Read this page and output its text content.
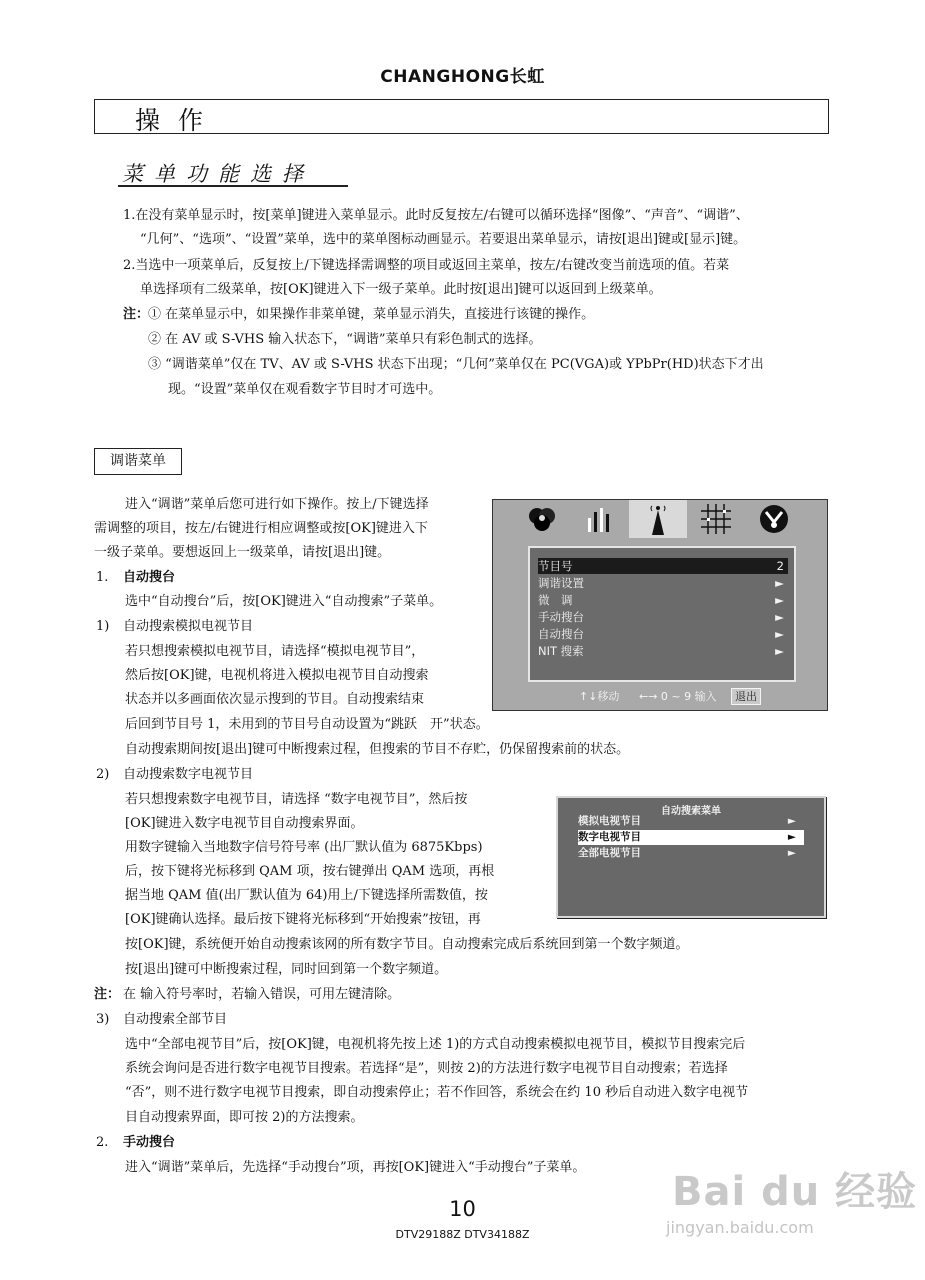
CHANGHONG长虹
操作
菜单功能选择
1.在没有菜单显示时，按[菜单]键进入菜单显示。此时反复按左/右键可以循环选择“图像”、“声音”、“调谐”、
“几何”、“选项”、“设置”菜单，选中的菜单图标动画显示。若要退出菜单显示，请按[退出]键或[显示]键。
2.当选中一项菜单后，反复按上/下键选择需调整的项目或返回主菜单，按左/右键改变当前选项的值。若菜
单选择项有二级菜单，按[OK]键进入下一级子菜单。此时按[退出]键可以返回到上级菜单。
注：
① 在菜单显示中，如果操作非菜单键，菜单显示消失，直接进行该键的操作。
② 在 AV 或 S-VHS 输入状态下，“调谐”菜单只有彩色制式的选择。
③ “调谐菜单”仅在 TV、AV 或 S-VHS 状态下出现；“几何”菜单仅在 PC(VGA)或 YPbPr(HD)状态下才出
现。“设置”菜单仅在观看数字节目时才可选中。
调谐菜单
进入“调谐”菜单后您可进行如下操作。按上/下键选择
需调整的项目，按左/右键进行相应调整或按[OK]键进入下
一级子菜单。要想返回上一级菜单，请按[退出]键。
1. 自动搜台
选中“自动搜台”后，按[OK]键进入“自动搜索”子菜单。
1) 自动搜索模拟电视节目
若只想搜索模拟电视节目，请选择“模拟电视节目”，
然后按[OK]键，电视机将进入模拟电视节目自动搜索
状态并以多画面依次显示搜到的节目。自动搜索结束
后回到节目号 1，未用到的节目号自动设置为“跳跃　开”状态。
自动搜索期间按[退出]键可中断搜索过程，但搜索的节目不存贮，仍保留搜索前的状态。
2) 自动搜索数字电视节目
若只想搜索数字电视节目，请选择 “数字电视节目”，然后按
[OK]键进入数字电视节目自动搜索界面。
用数字键输入当地数字信号符号率 (出厂默认值为 6875Kbps)
后，按下键将光标移到 QAM 项，按右键弹出 QAM 选项，再根
据当地 QAM 值(出厂默认值为 64)用上/下键选择所需数值，按
[OK]键确认选择。最后按下键将光标移到“开始搜索”按钮，再
按[OK]键，系统便开始自动搜索该网的所有数字节目。自动搜索完成后系统回到第一个数字频道。
按[退出]键可中断搜索过程，同时回到第一个数字频道。
注： 在 输入符号率时，若输入错误，可用左键清除。
3) 自动搜索全部节目
选中“全部电视节目”后，按[OK]键，电视机将先按上述 1)的方式自动搜索模拟电视节目，模拟节目搜索完后
系统会询问是否进行数字电视节目搜索。若选择“是”，则按 2)的方法进行数字电视节目自动搜索；若选择
“否”，则不进行数字电视节目搜索，即自动搜索停止；若不作回答，系统会在约 10 秒后自动进入数字电视节
目自动搜索界面，即可按 2)的方法搜索。
2. 手动搜台
进入“调谐”菜单后，先选择“手动搜台”项，再按[OK]键进入“手动搜台”子菜单。
节目号	2
调谐设置	►
微　调	►
手动搜台	►
自动搜台	►
NIT 搜索	►
↑↓移动 ←→ 0 ~ 9 输入	退出
自动搜索菜单
模拟电视节目	►
数字电视节目	►
全部电视节目	►
Bai du 经验
jingyan.baidu.com
10
DTV29188Z DTV34188Z
